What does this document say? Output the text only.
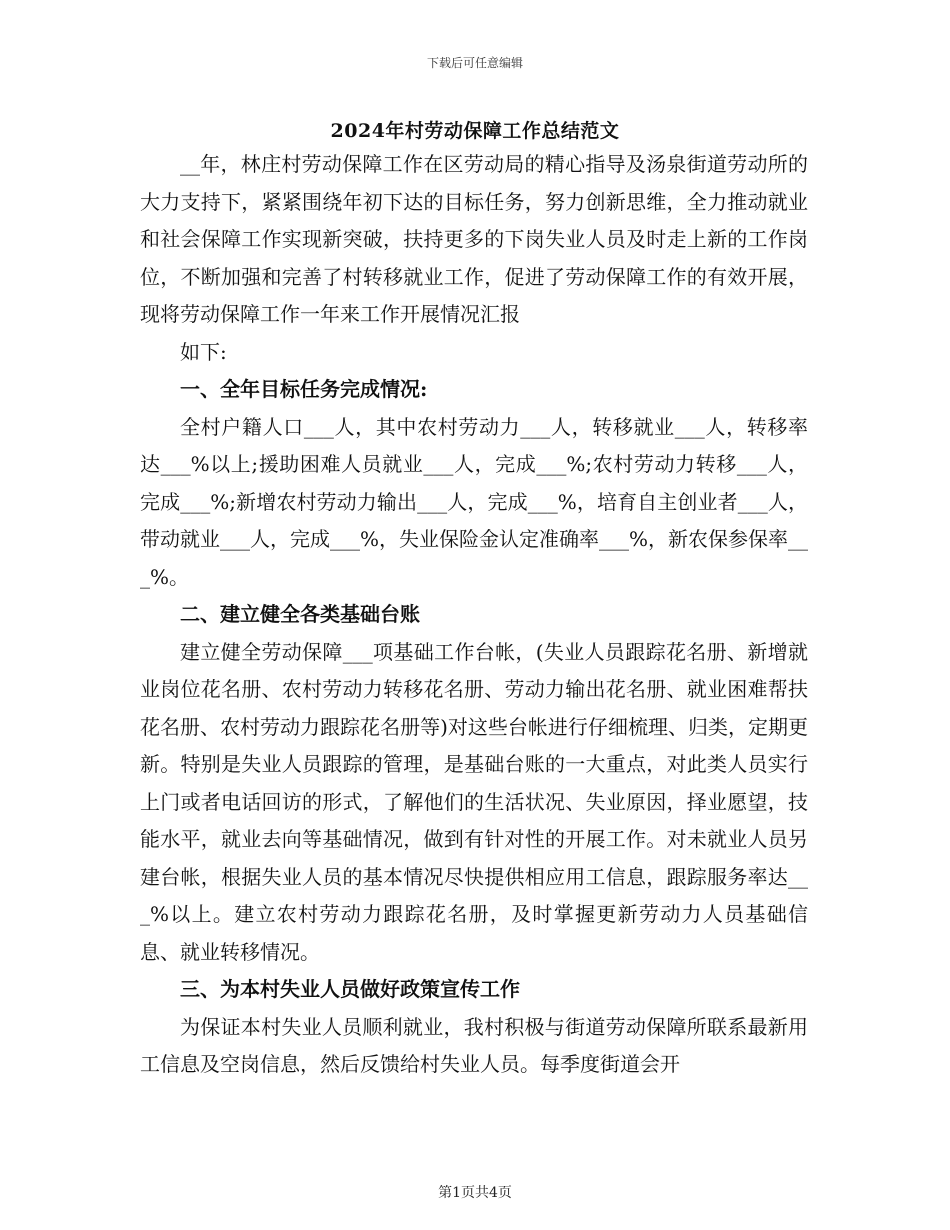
下载后可任意编辑
2024年村劳动保障工作总结范文

__年，林庄村劳动保障工作在区劳动局的精心指导及汤泉街道劳动所的大力支持下，紧紧围绕年初下达的目标任务，努力创新思维，全力推动就业和社会保障工作实现新突破，扶持更多的下岗失业人员及时走上新的工作岗位，不断加强和完善了村转移就业工作，促进了劳动保障工作的有效开展，现将劳动保障工作一年来工作开展情况汇报

如下:

一、全年目标任务完成情况:

全村户籍人口___人，其中农村劳动力___人，转移就业___人，转移率达___%以上;援助困难人员就业___人，完成___%;农村劳动力转移___人，完成___%;新增农村劳动力输出___人，完成___%，培育自主创业者___人，带动就业___人，完成___%，失业保险金认定准确率___%，新农保参保率___%。

二、建立健全各类基础台账

建立健全劳动保障___项基础工作台帐，(失业人员跟踪花名册、新增就业岗位花名册、农村劳动力转移花名册、劳动力输出花名册、就业困难帮扶花名册、农村劳动力跟踪花名册等)对这些台帐进行仔细梳理、归类，定期更新。特别是失业人员跟踪的管理，是基础台账的一大重点，对此类人员实行上门或者电话回访的形式，了解他们的生活状况、失业原因，择业愿望，技能水平，就业去向等基础情况，做到有针对性的开展工作。对未就业人员另建台帐，根据失业人员的基本情况尽快提供相应用工信息，跟踪服务率达___%以上。建立农村劳动力跟踪花名册，及时掌握更新劳动力人员基础信息、就业转移情况。

三、为本村失业人员做好政策宣传工作

为保证本村失业人员顺利就业，我村积极与街道劳动保障所联系最新用工信息及空岗信息，然后反馈给村失业人员。每季度街道会开

第1页共4页
